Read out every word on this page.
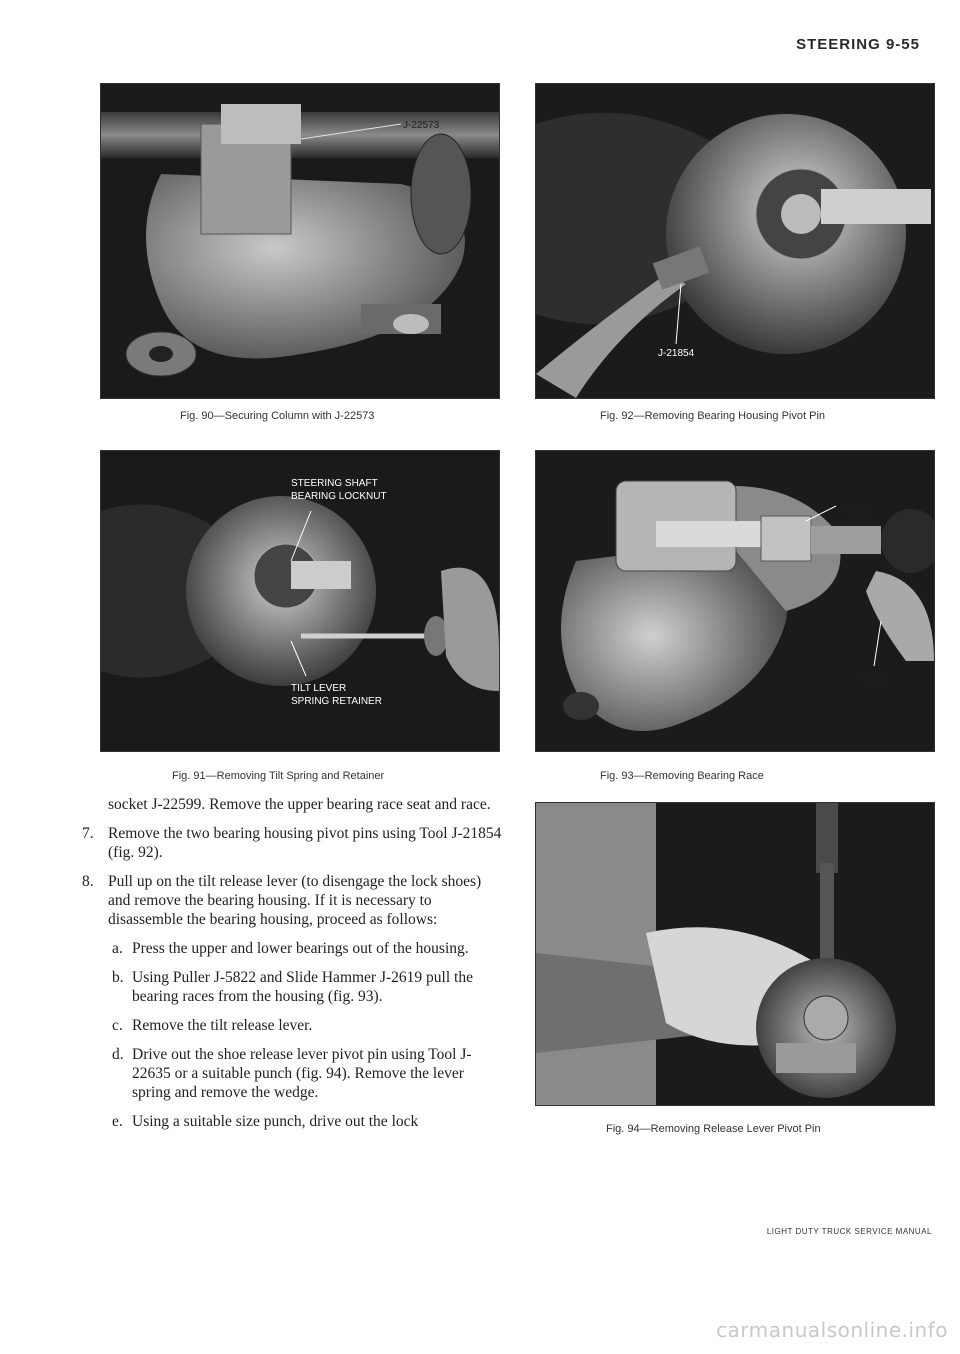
STEERING 9-55
J-22573
Fig. 90—Securing Column with J-22573
J-21854
Fig. 92—Removing Bearing Housing Pivot Pin
STEERING SHAFT
BEARING LOCKNUT
TILT LEVER
SPRING RETAINER
Fig. 91—Removing Tilt Spring and Retainer
J-5822
J-2619
Fig. 93—Removing Bearing Race
Fig. 94—Removing Release Lever Pivot Pin

socket J-22599. Remove the upper bearing race seat and race.

7. Remove the two bearing housing pivot pins using Tool J-21854 (fig. 92).
8. Pull up on the tilt release lever (to disengage the lock shoes) and remove the bearing housing. If it is necessary to disassemble the bearing housing, proceed as follows:
a. Press the upper and lower bearings out of the housing.
b. Using Puller J-5822 and Slide Hammer J-2619 pull the bearing races from the housing (fig. 93).
c. Remove the tilt release lever.
d. Drive out the shoe release lever pivot pin using Tool J-22635 or a suitable punch (fig. 94). Remove the lever spring and remove the wedge.
e. Using a suitable size punch, drive out the lock
LIGHT DUTY TRUCK SERVICE MANUAL
carmanualsonline.info
